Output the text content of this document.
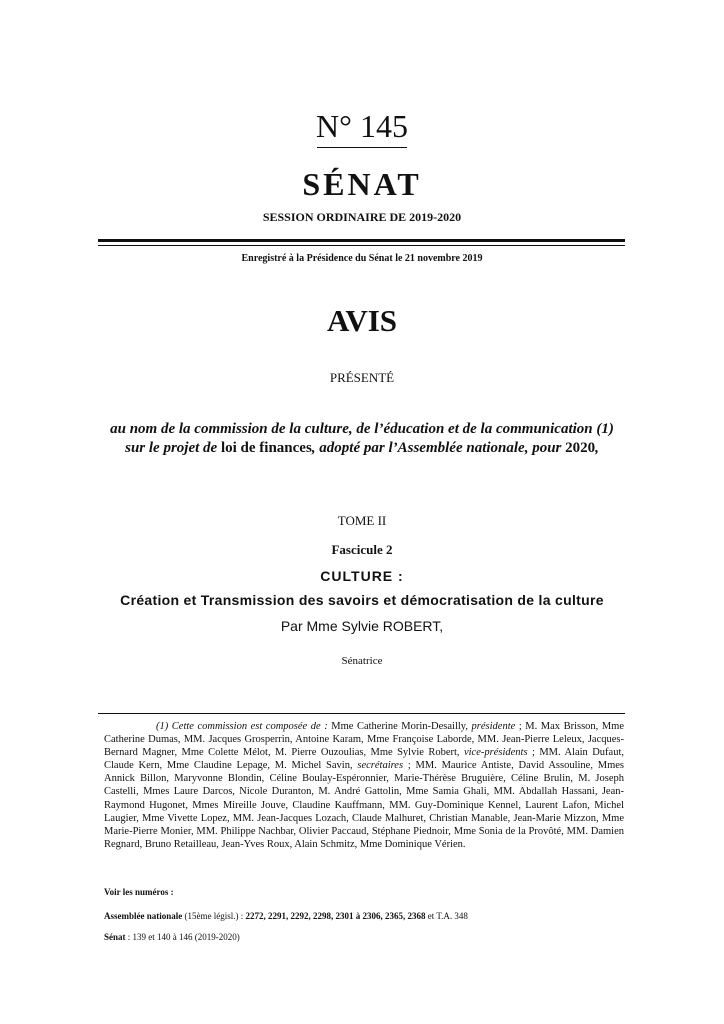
N° 145
SÉNAT
SESSION ORDINAIRE DE 2019-2020
Enregistré à la Présidence du Sénat le 21 novembre 2019
AVIS
PRÉSENTÉ
au nom de la commission de la culture, de l’éducation et de la communication (1) sur le projet de loi de finances, adopté par l’Assemblée nationale, pour 2020,
TOME II
Fascicule 2
CULTURE :
Création et Transmission des savoirs et démocratisation de la culture
Par Mme Sylvie ROBERT,
Sénatrice
(1) Cette commission est composée de : Mme Catherine Morin-Desailly, présidente ; M. Max Brisson, Mme Catherine Dumas, MM. Jacques Grosperrin, Antoine Karam, Mme Françoise Laborde, MM. Jean-Pierre Leleux, Jacques-Bernard Magner, Mme Colette Mélot, M. Pierre Ouzoulias, Mme Sylvie Robert, vice-présidents ; MM. Alain Dufaut, Claude Kern, Mme Claudine Lepage, M. Michel Savin, secrétaires ; MM. Maurice Antiste, David Assouline, Mmes Annick Billon, Maryvonne Blondin, Céline Boulay-Espéronnier, Marie-Thérèse Bruguière, Céline Brulin, M. Joseph Castelli, Mmes Laure Darcos, Nicole Duranton, M. André Gattolin, Mme Samia Ghali, MM. Abdallah Hassani, Jean-Raymond Hugonet, Mmes Mireille Jouve, Claudine Kauffmann, MM. Guy-Dominique Kennel, Laurent Lafon, Michel Laugier, Mme Vivette Lopez, MM. Jean-Jacques Lozach, Claude Malhuret, Christian Manable, Jean-Marie Mizzon, Mme Marie-Pierre Monier, MM. Philippe Nachbar, Olivier Paccaud, Stéphane Piednoir, Mme Sonia de la Provôté, MM. Damien Regnard, Bruno Retailleau, Jean-Yves Roux, Alain Schmitz, Mme Dominique Vérien.
Voir les numéros :
Assemblée nationale (15ème législ.) : 2272, 2291, 2292, 2298, 2301 à 2306, 2365, 2368 et T.A. 348
Sénat : 139 et 140 à 146 (2019-2020)
